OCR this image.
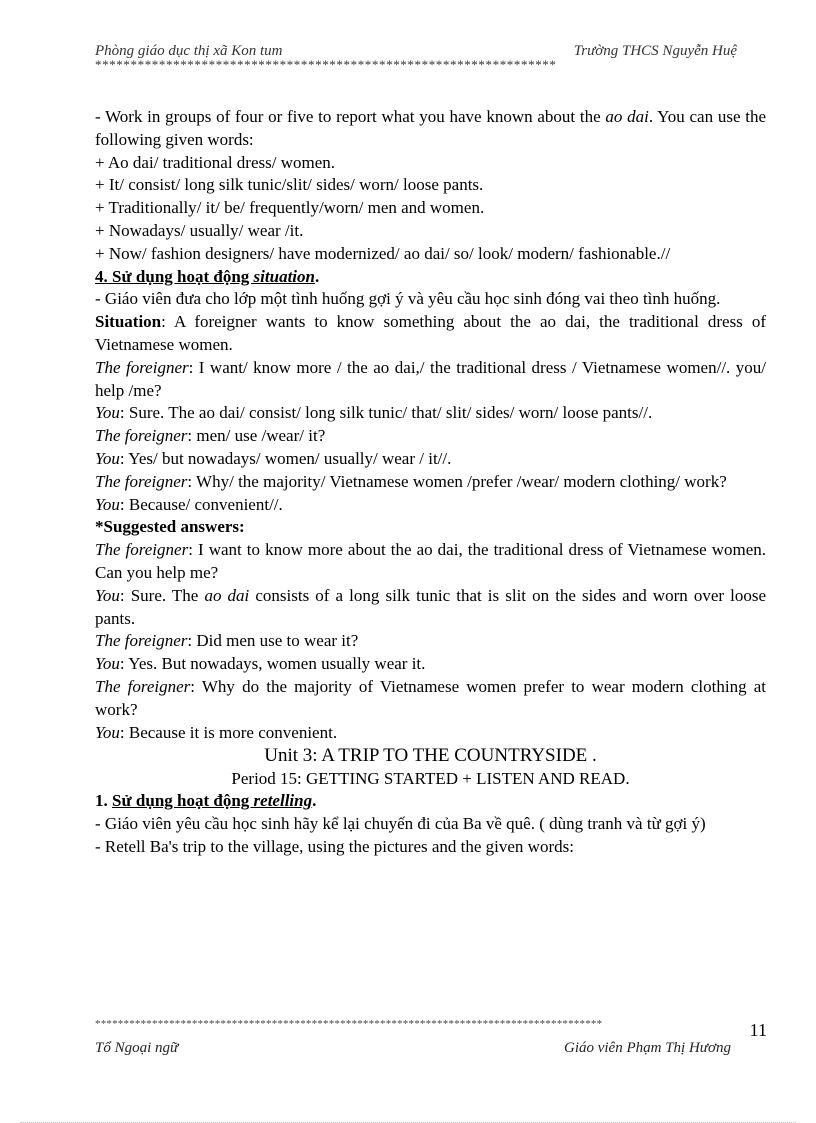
Phòng giáo dục thị xã Kon tum	Trường THCS Nguyễn Huệ
*****************************************************************

- Work in groups of four or five to report what you have known about the ao dai. You can use the following given words:

+ Ao dai/ traditional dress/ women.

+ It/ consist/ long silk tunic/slit/ sides/ worn/ loose pants.

+ Traditionally/ it/ be/ frequently/worn/ men and women.

+ Nowadays/ usually/ wear /it.

+ Now/ fashion designers/ have modernized/ ao dai/ so/ look/ modern/ fashionable.//

4. Sử dụng hoạt động situation.

- Giáo viên đưa cho lớp một tình huống gợi ý và yêu cầu học sinh đóng vai theo tình huống.

Situation: A foreigner wants to know something about the ao dai, the traditional dress of Vietnamese women.

The foreigner: I want/ know more / the ao dai,/ the traditional dress / Vietnamese women//. you/ help /me?

You: Sure. The ao dai/ consist/ long silk tunic/ that/ slit/ sides/ worn/ loose pants//.

The foreigner: men/ use /wear/ it?

You: Yes/ but nowadays/ women/ usually/ wear / it//.

The foreigner: Why/ the majority/ Vietnamese women /prefer /wear/ modern clothing/ work?

You: Because/ convenient//.

*Suggested answers:

The foreigner: I want to know more about the ao dai, the traditional dress of Vietnamese women. Can you help me?

You: Sure. The ao dai consists of a long silk tunic that is slit on the sides and worn over loose pants.

The foreigner: Did men use to wear it?

You: Yes. But nowadays, women usually wear it.

The foreigner: Why do the majority of Vietnamese women prefer to wear modern clothing at work?

You: Because it is more convenient.

Unit 3: A TRIP TO THE COUNTRYSIDE .

Period 15: GETTING STARTED + LISTEN AND READ.

1. Sử dụng hoạt động retelling.

- Giáo viên yêu cầu học sinh hãy kể lại chuyến đi của Ba về quê. ( dùng tranh và từ gợi ý)

- Retell Ba's trip to the village, using the pictures and the given words:

*****************************************************************************************	11
Tổ Ngoại ngữ	Giáo viên Phạm Thị Hương
